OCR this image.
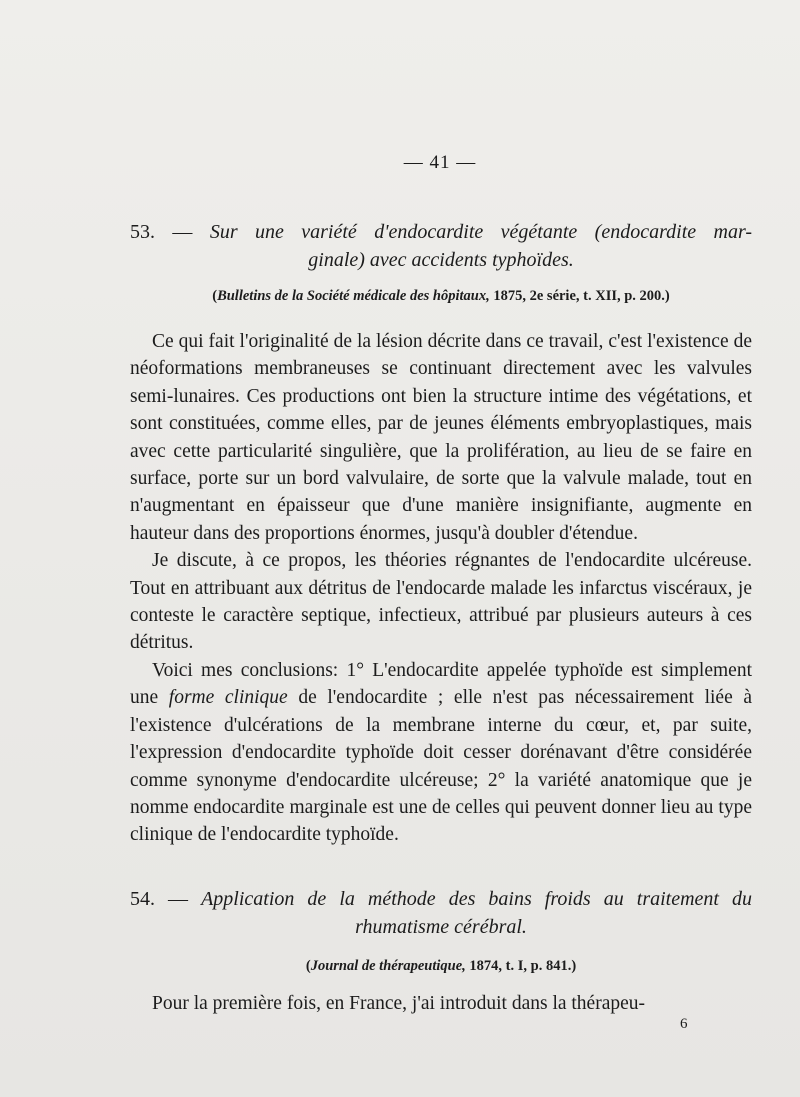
— 41 —
53. — Sur une variété d'endocardite végétante (endocardite mar-
ginale) avec accidents typhoïdes.
(Bulletins de la Société médicale des hôpitaux, 1875, 2e série, t. XII, p. 200.)

Ce qui fait l'originalité de la lésion décrite dans ce travail, c'est l'existence de néoformations membraneuses se continuant directement avec les valvules semi-lunaires. Ces productions ont bien la structure intime des végétations, et sont constituées, comme elles, par de jeunes éléments embryoplastiques, mais avec cette particularité singulière, que la prolifération, au lieu de se faire en surface, porte sur un bord valvulaire, de sorte que la valvule malade, tout en n'augmentant en épaisseur que d'une manière insignifiante, augmente en hauteur dans des proportions énormes, jusqu'à doubler d'étendue.

Je discute, à ce propos, les théories régnantes de l'endocardite ulcéreuse. Tout en attribuant aux détritus de l'endocarde malade les infarctus viscéraux, je conteste le caractère septique, infectieux, attribué par plusieurs auteurs à ces détritus.

Voici mes conclusions: 1° L'endocardite appelée typhoïde est simplement une forme clinique de l'endocardite ; elle n'est pas nécessairement liée à l'existence d'ulcérations de la membrane interne du cœur, et, par suite, l'expression d'endocardite typhoïde doit cesser dorénavant d'être considérée comme synonyme d'endocardite ulcéreuse; 2° la variété anatomique que je nomme endocardite marginale est une de celles qui peuvent donner lieu au type clinique de l'endocardite typhoïde.

54. — Application de la méthode des bains froids au traitement du
rhumatisme cérébral.
(Journal de thérapeutique, 1874, t. I, p. 841.)

Pour la première fois, en France, j'ai introduit dans la thérapeu-

6
